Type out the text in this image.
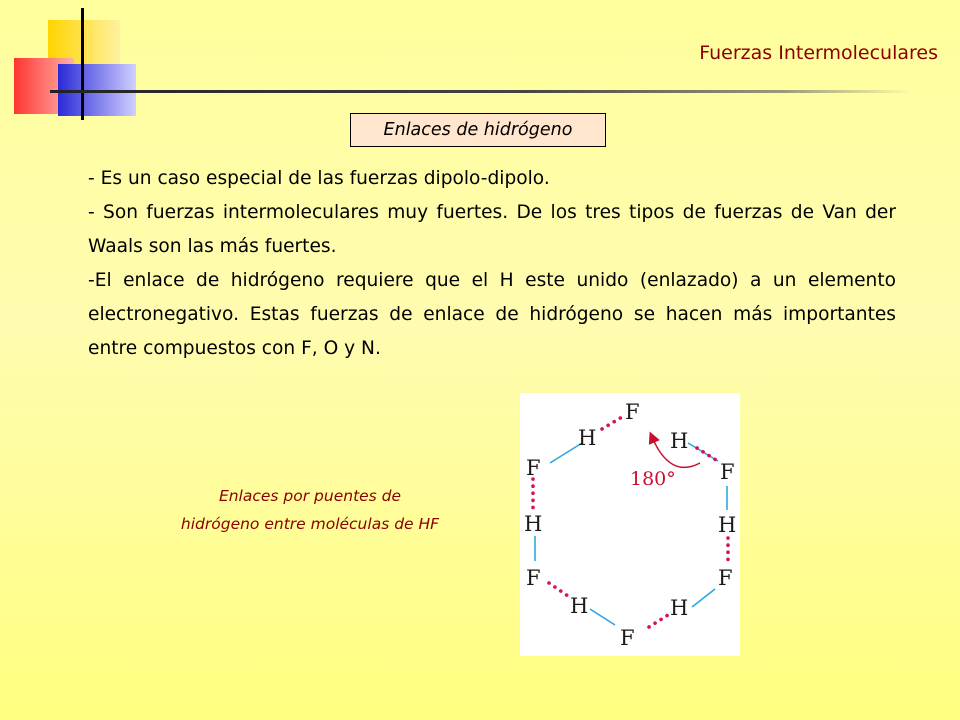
Fuerzas Intermoleculares
Enlaces de hidrógeno

- Es un caso especial de las fuerzas dipolo-dipolo.

- Son fuerzas intermoleculares muy fuertes. De los tres tipos de fuerzas de Van der Waals son las más fuertes.

-El enlace de hidrógeno requiere que el H este unido (enlazado) a un elemento electronegativo. Estas fuerzas de enlace de hidrógeno se hacen más importantes entre compuestos con F, O y N.

Enlaces por puentes de
hidrógeno entre moléculas de HF
F
H	H
F	F
H	H
F	F
H	H
F
180°
